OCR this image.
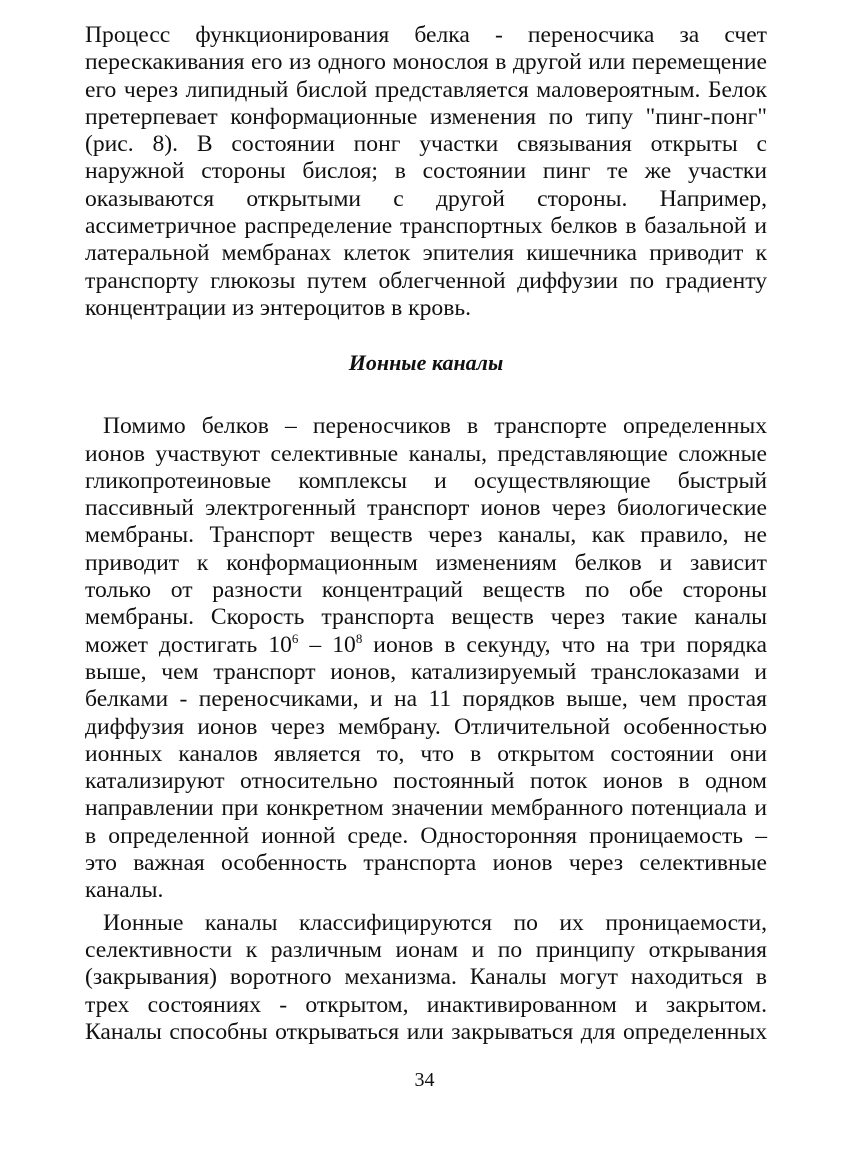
Процесс функционирования белка - переносчика за счет перескакивания его из одного монослоя в другой или перемещение его через липидный бислой представляется маловероятным. Белок претерпевает конформационные изменения по типу "пинг-понг" (рис. 8). В состоянии понг участки связывания открыты с наружной стороны бислоя; в состоянии пинг те же участки оказываются открытыми с другой стороны. Например, ассиметричное распределение транспортных белков в базальной и латеральной мембранах клеток эпителия кишечника приводит к транспорту глюкозы путем облегченной диффузии по градиенту концентрации из энтероцитов в кровь.

Ионные каналы

Помимо белков – переносчиков в транспорте определенных ионов участвуют селективные каналы, представляющие сложные гликопротеиновые комплексы и осуществляющие быстрый пассивный электрогенный транспорт ионов через биологические мембраны. Транспорт веществ через каналы, как правило, не приводит к конформационным изменениям белков и зависит только от разности концентраций веществ по обе стороны мембраны. Скорость транспорта веществ через такие каналы может достигать $10^6 - 10^8$ ионов в секунду, что на три порядка выше, чем транспорт ионов, катализируемый транслоказами и белками - переносчиками, и на 11 порядков выше, чем простая диффузия ионов через мембрану. Отличительной особенностью ионных каналов является то, что в открытом состоянии они катализируют относительно постоянный поток ионов в одном направлении при конкретном значении мембранного потенциала и в определенной ионной среде. Односторонняя проницаемость – это важная особенность транспорта ионов через селективные каналы.

Ионные каналы классифицируются по их проницаемости, селективности к различным ионам и по принципу открывания (закрывания) воротного механизма. Каналы могут находиться в трех состояниях - открытом, инактивированном и закрытом. Каналы способны открываться или закрываться для определенных

34
